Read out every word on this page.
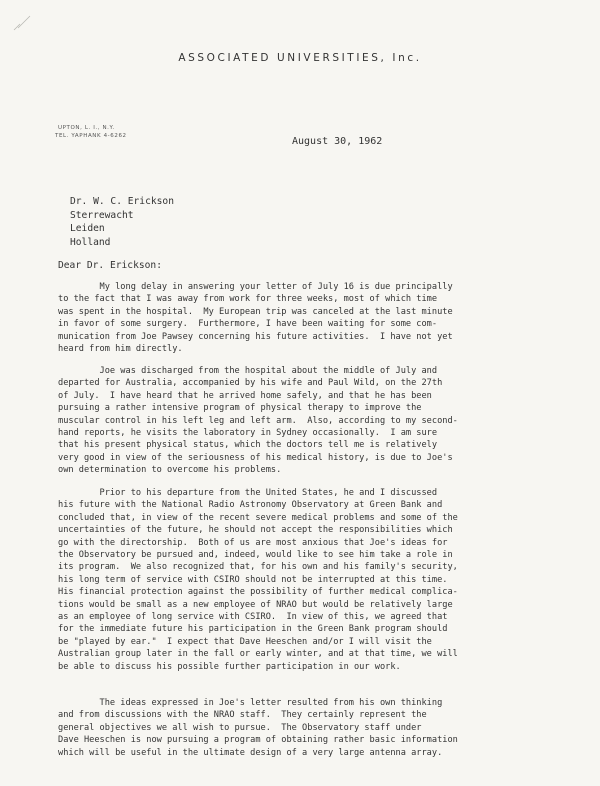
ASSOCIATED UNIVERSITIES, Inc.
UPTON, L. I., N.Y.
TEL. YAPHANK 4-6262	August 30, 1962
Dr. W. C. Erickson
Sterrewacht
Leiden
Holland
Dear Dr. Erickson:
My long delay in answering your letter of July 16 is due principally
to the fact that I was away from work for three weeks, most of which time
was spent in the hospital.  My European trip was canceled at the last minute
in favor of some surgery.  Furthermore, I have been waiting for some com-
munication from Joe Pawsey concerning his future activities.  I have not yet
heard from him directly.
Joe was discharged from the hospital about the middle of July and
departed for Australia, accompanied by his wife and Paul Wild, on the 27th
of July.  I have heard that he arrived home safely, and that he has been
pursuing a rather intensive program of physical therapy to improve the
muscular control in his left leg and left arm.  Also, according to my second-
hand reports, he visits the laboratory in Sydney occasionally.  I am sure
that his present physical status, which the doctors tell me is relatively
very good in view of the seriousness of his medical history, is due to Joe's
own determination to overcome his problems.
Prior to his departure from the United States, he and I discussed
his future with the National Radio Astronomy Observatory at Green Bank and
concluded that, in view of the recent severe medical problems and some of the
uncertainties of the future, he should not accept the responsibilities which
go with the directorship.  Both of us are most anxious that Joe's ideas for
the Observatory be pursued and, indeed, would like to see him take a role in
its program.  We also recognized that, for his own and his family's security,
his long term of service with CSIRO should not be interrupted at this time.
His financial protection against the possibility of further medical complica-
tions would be small as a new employee of NRAO but would be relatively large
as an employee of long service with CSIRO.  In view of this, we agreed that
for the immediate future his participation in the Green Bank program should
be "played by ear."  I expect that Dave Heeschen and/or I will visit the
Australian group later in the fall or early winter, and at that time, we will
be able to discuss his possible further participation in our work.
The ideas expressed in Joe's letter resulted from his own thinking
and from discussions with the NRAO staff.  They certainly represent the
general objectives we all wish to pursue.  The Observatory staff under
Dave Heeschen is now pursuing a program of obtaining rather basic information
which will be useful in the ultimate design of a very large antenna array.
